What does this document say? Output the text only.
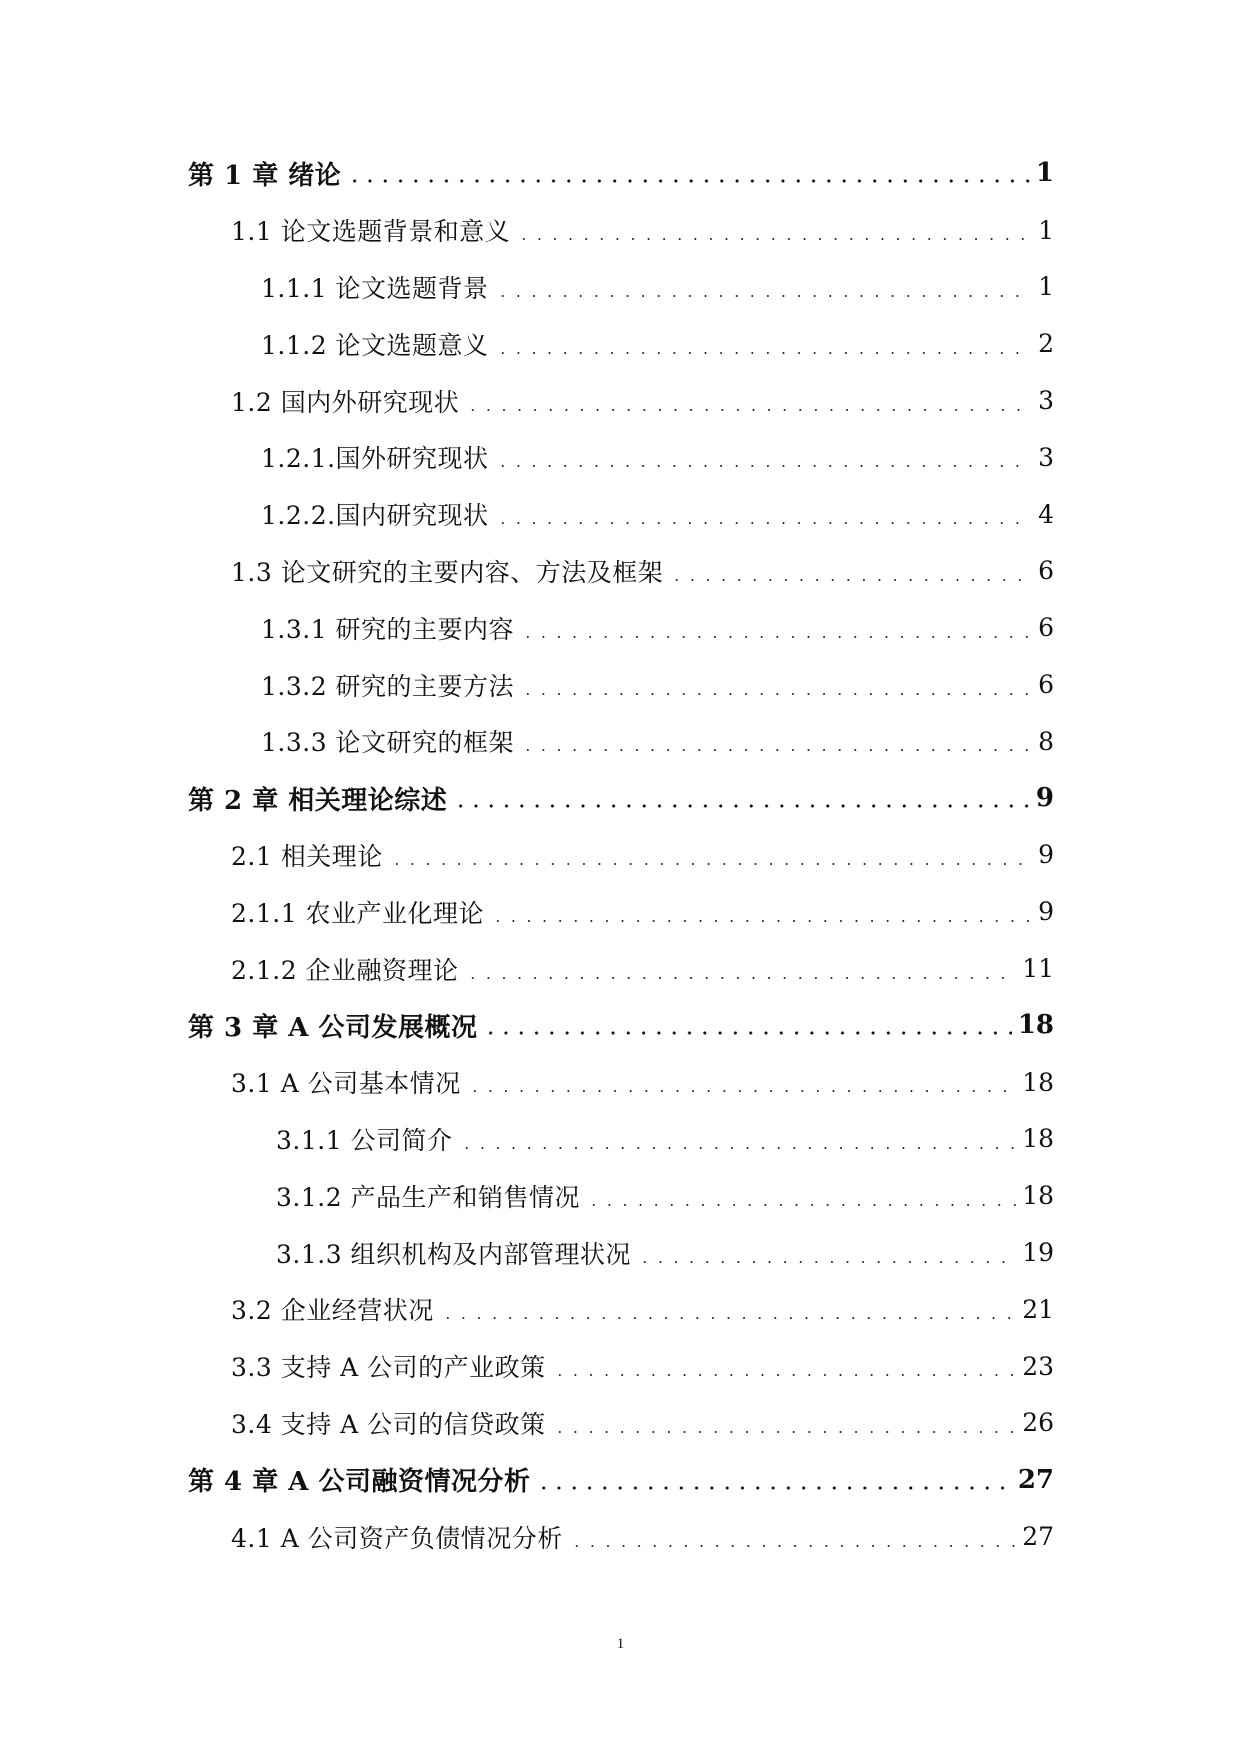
第 1 章 绪论	1
1.1 论文选题背景和意义	1
1.1.1 论文选题背景	1
1.1.2 论文选题意义	2
1.2 国内外研究现状	3
1.2.1.国外研究现状	3
1.2.2.国内研究现状	4
1.3 论文研究的主要内容、方法及框架	6
1.3.1 研究的主要内容	6
1.3.2 研究的主要方法	6
1.3.3 论文研究的框架	8
第 2 章 相关理论综述	9
2.1 相关理论	9
2.1.1 农业产业化理论	9
2.1.2 企业融资理论	11
第 3 章 A 公司发展概况	18
3.1 A 公司基本情况	18
3.1.1 公司简介	18
3.1.2 产品生产和销售情况	18
3.1.3 组织机构及内部管理状况	19
3.2 企业经营状况	21
3.3 支持 A 公司的产业政策	23
3.4 支持 A 公司的信贷政策	26
第 4 章 A 公司融资情况分析	27
4.1 A 公司资产负债情况分析	27
1
